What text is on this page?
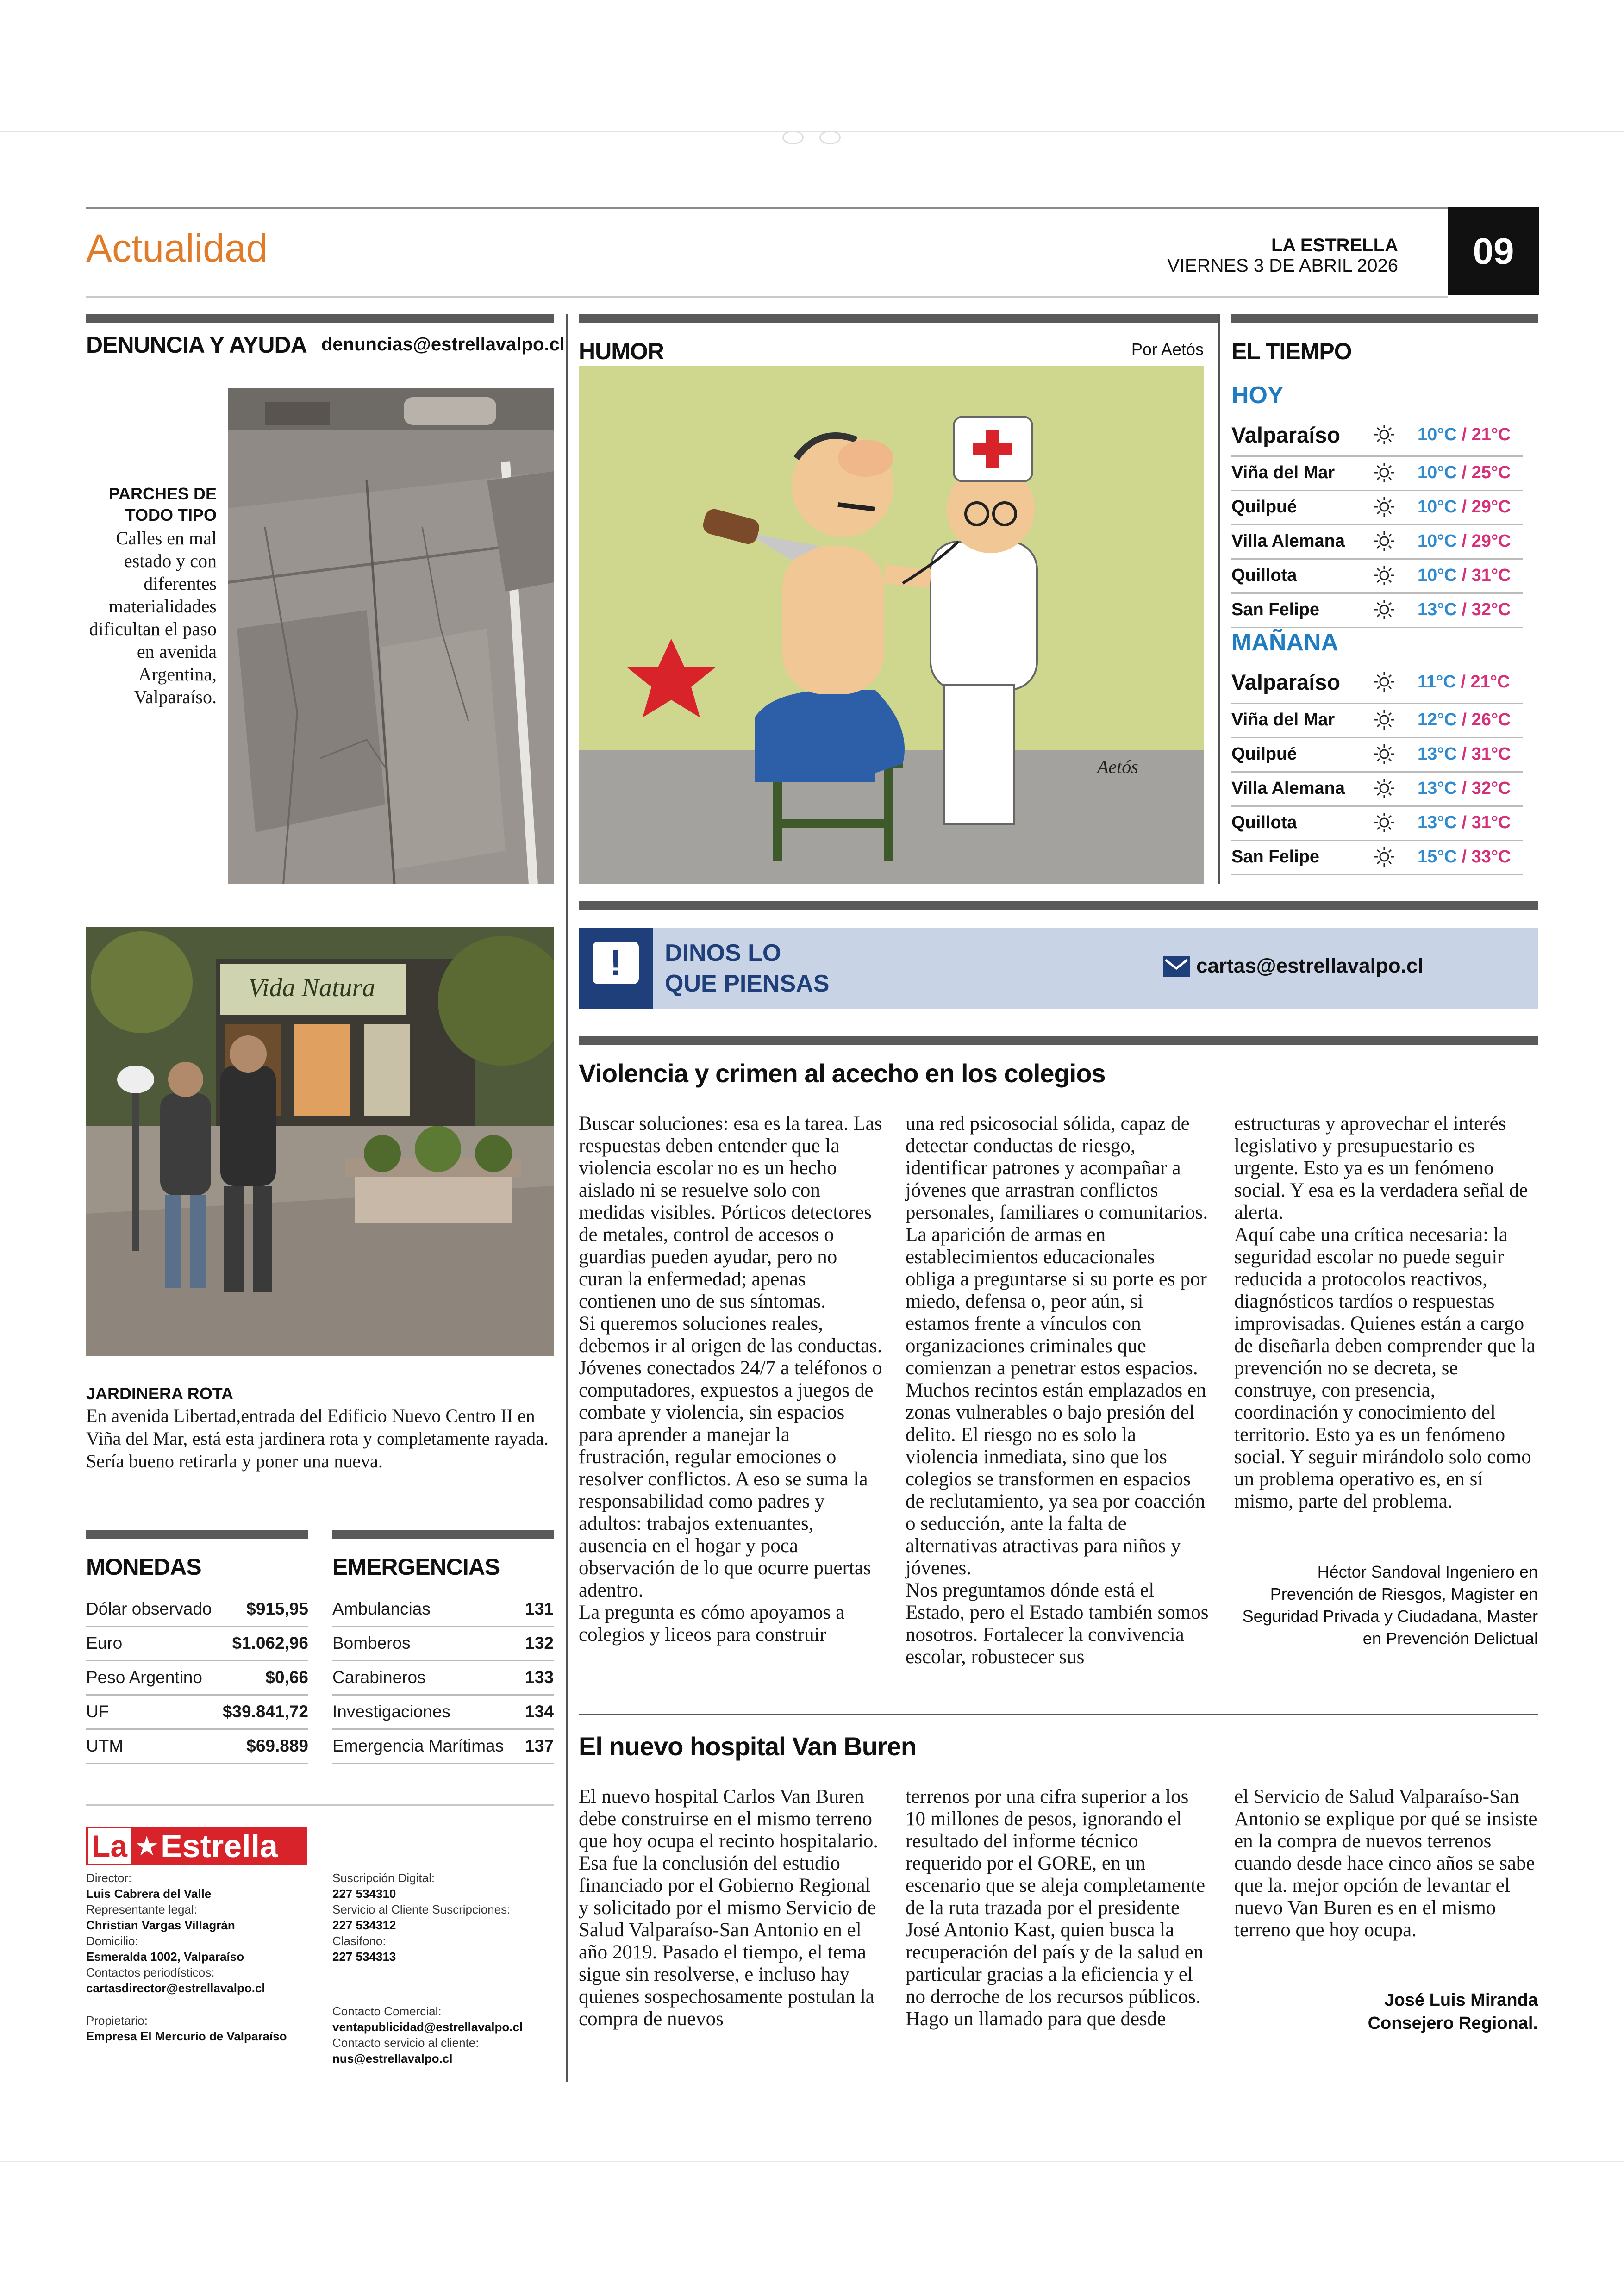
Actualidad	LA ESTRELLA
VIERNES 3 DE ABRIL 2026	09
DENUNCIA Y AYUDA denuncias@estrellavalpo.cl
PARCHES DE TODO TIPO
Calles en mal estado y con diferentes materialidades dificultan el paso en avenida Argentina, Valparaíso.
Vida Natura
JARDINERA ROTA
En avenida Libertad,entrada del Edificio Nuevo Centro II en Viña del Mar, está esta jardinera rota y completamente rayada. Sería bueno retirarla y poner una nueva.
MONEDAS
Dólar observado $915,95
Euro	$1.062,96
Peso Argentino	$0,66
UF	$39.841,72
UTM	$69.889
EMERGENCIAS
Ambulancias	131
Bomberos	132
Carabineros	133
Investigaciones	134
Emergencia Marítimas 137
La ★ Estrella
Director:
Luis Cabrera del Valle
Representante legal:
Christian Vargas Villagrán
Domicilio:
Esmeralda 1002, Valparaíso
Contactos periodísticos:
cartasdirector@estrellavalpo.cl
Propietario:
Empresa El Mercurio de Valparaíso
Suscripción Digital:
227 534310
Servicio al Cliente Suscripciones:
227 534312
Clasifono:
227 534313
Contacto Comercial:
ventapublicidad@estrellavalpo.cl
Contacto servicio al cliente:
nus@estrellavalpo.cl
HUMOR	Por Aetós
Aetós
EL TIEMPO
HOY
MAÑANA
Valparaíso	10°C / 21°C
Viña del Mar	10°C / 25°C
Quilpué	10°C / 29°C
Villa Alemana	10°C / 29°C
Quillota	10°C / 31°C
San Felipe	13°C / 32°C
Valparaíso	11°C / 21°C
Viña del Mar	12°C / 26°C
Quilpué	13°C / 31°C
Villa Alemana	13°C / 32°C
Quillota	13°C / 31°C
San Felipe	15°C / 33°C
!	DINOS LO
QUE PIENSAS
cartas@estrellavalpo.cl
Violencia y crimen al acecho en los colegios
Buscar soluciones: esa es la tarea. Las respuestas deben entender que la violencia escolar no es un hecho aislado ni se resuelve solo con medidas visibles. Pórticos detectores de metales, control de accesos o guardias pueden ayudar, pero no curan la enfermedad; apenas contienen uno de sus síntomas.
Si queremos soluciones reales, debemos ir al origen de las conductas. Jóvenes conectados 24/7 a teléfonos o computadores, expuestos a juegos de combate y violencia, sin espacios para aprender a manejar la frustración, regular emociones o resolver conflictos. A eso se suma la responsabilidad como padres y adultos: trabajos extenuantes, ausencia en el hogar y poca observación de lo que ocurre puertas adentro.
La pregunta es cómo apoyamos a colegios y liceos para construir
una red psicosocial sólida, capaz de detectar conductas de riesgo, identificar patrones y acompañar a jóvenes que arrastran conflictos personales, familiares o comunitarios. La aparición de armas en establecimientos educacionales obliga a preguntarse si su porte es por miedo, defensa o, peor aún, si estamos frente a vínculos con organizaciones criminales que comienzan a penetrar estos espacios.
Muchos recintos están emplazados en zonas vulnerables o bajo presión del delito. El riesgo no es solo la violencia inmediata, sino que los colegios se transformen en espacios de reclutamiento, ya sea por coacción o seducción, ante la falta de alternativas atractivas para niños y jóvenes.
Nos preguntamos dónde está el Estado, pero el Estado también somos nosotros. Fortalecer la convivencia escolar, robustecer sus
estructuras y aprovechar el interés legislativo y presupuestario es urgente. Esto ya es un fenómeno social. Y esa es la verdadera señal de alerta.
Aquí cabe una crítica necesaria: la seguridad escolar no puede seguir reducida a protocolos reactivos, diagnósticos tardíos o respuestas improvisadas. Quienes están a cargo de diseñarla deben comprender que la prevención no se decreta, se construye, con presencia, coordinación y conocimiento del territorio. Esto ya es un fenómeno social. Y seguir mirándolo solo como un problema operativo es, en sí mismo, parte del problema.
Héctor Sandoval Ingeniero en Prevención de Riesgos, Magister en Seguridad Privada y Ciudadana, Master en Prevención Delictual
El nuevo hospital Van Buren
El nuevo hospital Carlos Van Buren debe construirse en el mismo terreno que hoy ocupa el recinto hospitalario. Esa fue la conclusión del estudio financiado por el Gobierno Regional y solicitado por el mismo Servicio de Salud Valparaíso-San Antonio en el año 2019. Pasado el tiempo, el tema sigue sin resolverse, e incluso hay quienes sospechosamente postulan la compra de nuevos
terrenos por una cifra superior a los 10 millones de pesos, ignorando el resultado del informe técnico requerido por el GORE, en un escenario que se aleja completamente de la ruta trazada por el presidente José Antonio Kast, quien busca la recuperación del país y de la salud en particular gracias a la eficiencia y el no derroche de los recursos públicos. Hago un llamado para que desde
el Servicio de Salud Valparaíso-San Antonio se explique por qué se insiste en la compra de nuevos terrenos cuando desde hace cinco años se sabe que la. mejor opción de levantar el nuevo Van Buren es en el mismo terreno que hoy ocupa.
José Luis Miranda
Consejero Regional.
